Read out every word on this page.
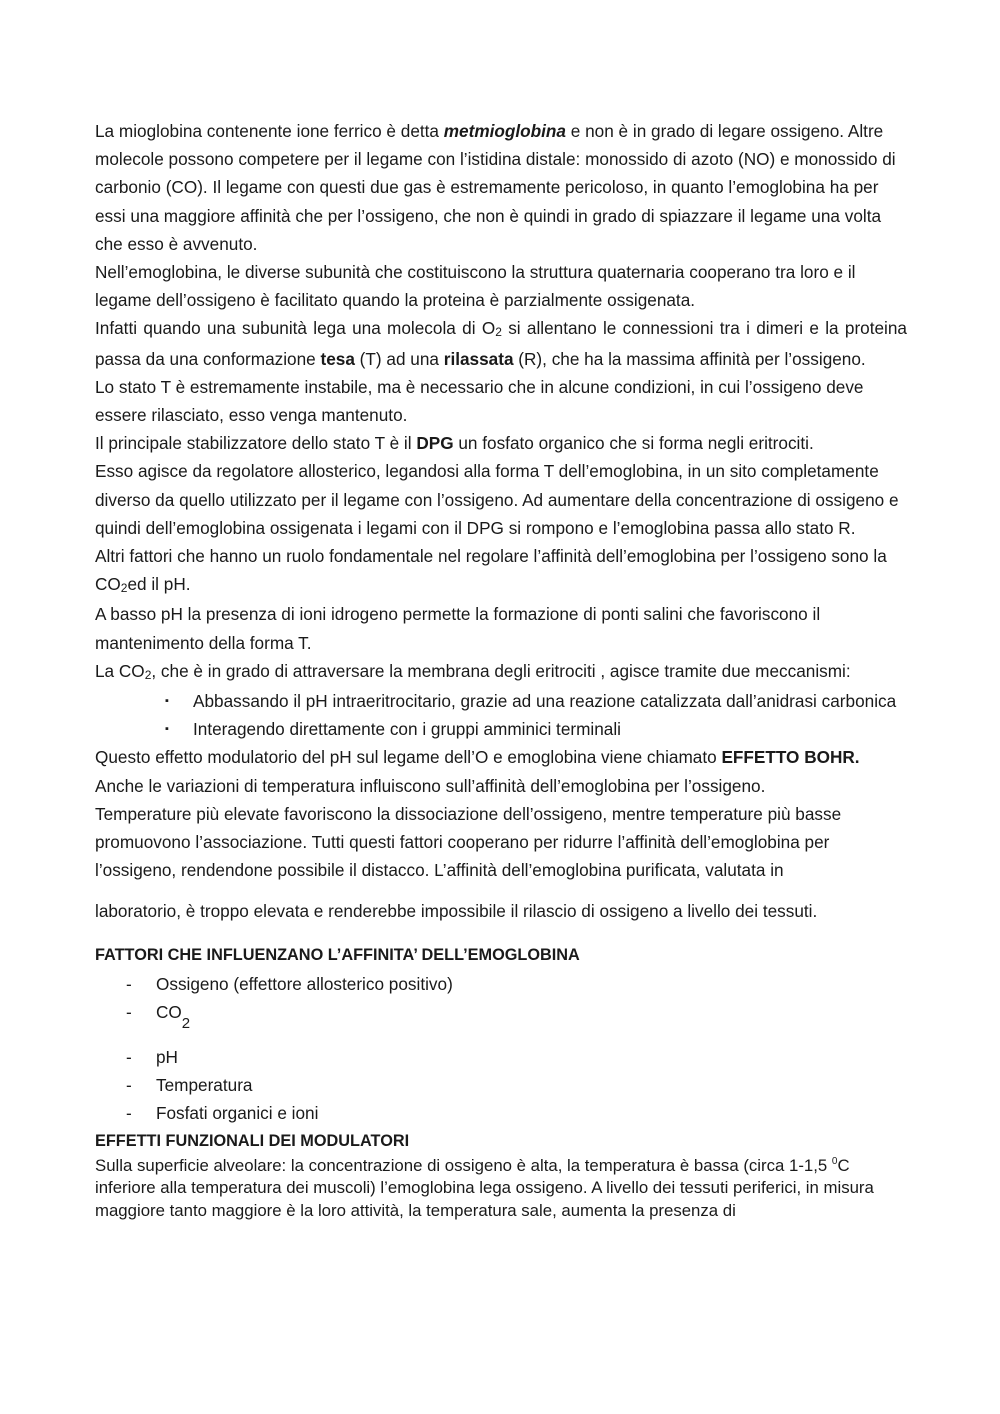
La mioglobina contenente ione ferrico è detta metmioglobina e non è in grado di legare ossigeno. Altre molecole possono competere per il legame con l’istidina distale: monossido di azoto (NO) e monossido di carbonio (CO). Il legame con questi due gas è estremamente pericoloso, in quanto l’emoglobina ha per essi una maggiore affinità che per l’ossigeno, che non è quindi in grado di spiazzare il legame una volta che esso è avvenuto.

Nell’emoglobina, le diverse subunità che costituiscono la struttura quaternaria cooperano tra loro e il legame dell’ossigeno è facilitato quando la proteina è parzialmente ossigenata.

Infatti quando una subunità lega una molecola di O2 si allentano le connessioni tra i dimeri e la proteina passa da una conformazione tesa (T) ad una rilassata (R), che ha la massima affinità per l’ossigeno.

Lo stato T è estremamente instabile, ma è necessario che in alcune condizioni, in cui l’ossigeno deve essere rilasciato, esso venga mantenuto.

Il principale stabilizzatore dello stato T è il DPG un fosfato organico che si forma negli eritrociti.

Esso agisce da regolatore allosterico, legandosi alla forma T dell’emoglobina, in un sito completamente diverso da quello utilizzato per il legame con l’ossigeno. Ad aumentare della concentrazione di ossigeno e quindi dell’emoglobina ossigenata i legami con il DPG si rompono e l’emoglobina passa allo stato R.

Altri fattori che hanno un ruolo fondamentale nel regolare l’affinità dell’emoglobina per l’ossigeno sono la CO2ed il pH.

A basso pH la presenza di ioni idrogeno permette la formazione di ponti salini che favoriscono il mantenimento della forma T.

La CO2, che è in grado di attraversare la membrana degli eritrociti , agisce tramite due meccanismi:

▪ Abbassando il pH intraeritrocitario, grazie ad una reazione catalizzata dall’anidrasi carbonica
▪ Interagendo direttamente con i gruppi amminici terminali

Questo effetto modulatorio del pH sul legame dell’O e emoglobina viene chiamato EFFETTO BOHR.

Anche le variazioni di temperatura influiscono sull’affinità dell’emoglobina per l’ossigeno.

Temperature più elevate favoriscono la dissociazione dell’ossigeno, mentre temperature più basse promuovono l’associazione. Tutti questi fattori cooperano per ridurre l’affinità dell’emoglobina per l’ossigeno, rendendone possibile il distacco. L’affinità dell’emoglobina purificata, valutata in

laboratorio, è troppo elevata e renderebbe impossibile il rilascio di ossigeno a livello dei tessuti.

FATTORI CHE INFLUENZANO L’AFFINITA’ DELL’EMOGLOBINA
- Ossigeno (effettore allosterico positivo)
- CO2
- pH
- Temperatura
- Fosfati organici e ioni
EFFETTI FUNZIONALI DEI MODULATORI

Sulla superficie alveolare: la concentrazione di ossigeno è alta, la temperatura è bassa (circa 1-1,5 $^0$C inferiore alla temperatura dei muscoli) l’emoglobina lega ossigeno. A livello dei tessuti periferici, in misura maggiore tanto maggiore è la loro attività, la temperatura sale, aumenta la presenza di
